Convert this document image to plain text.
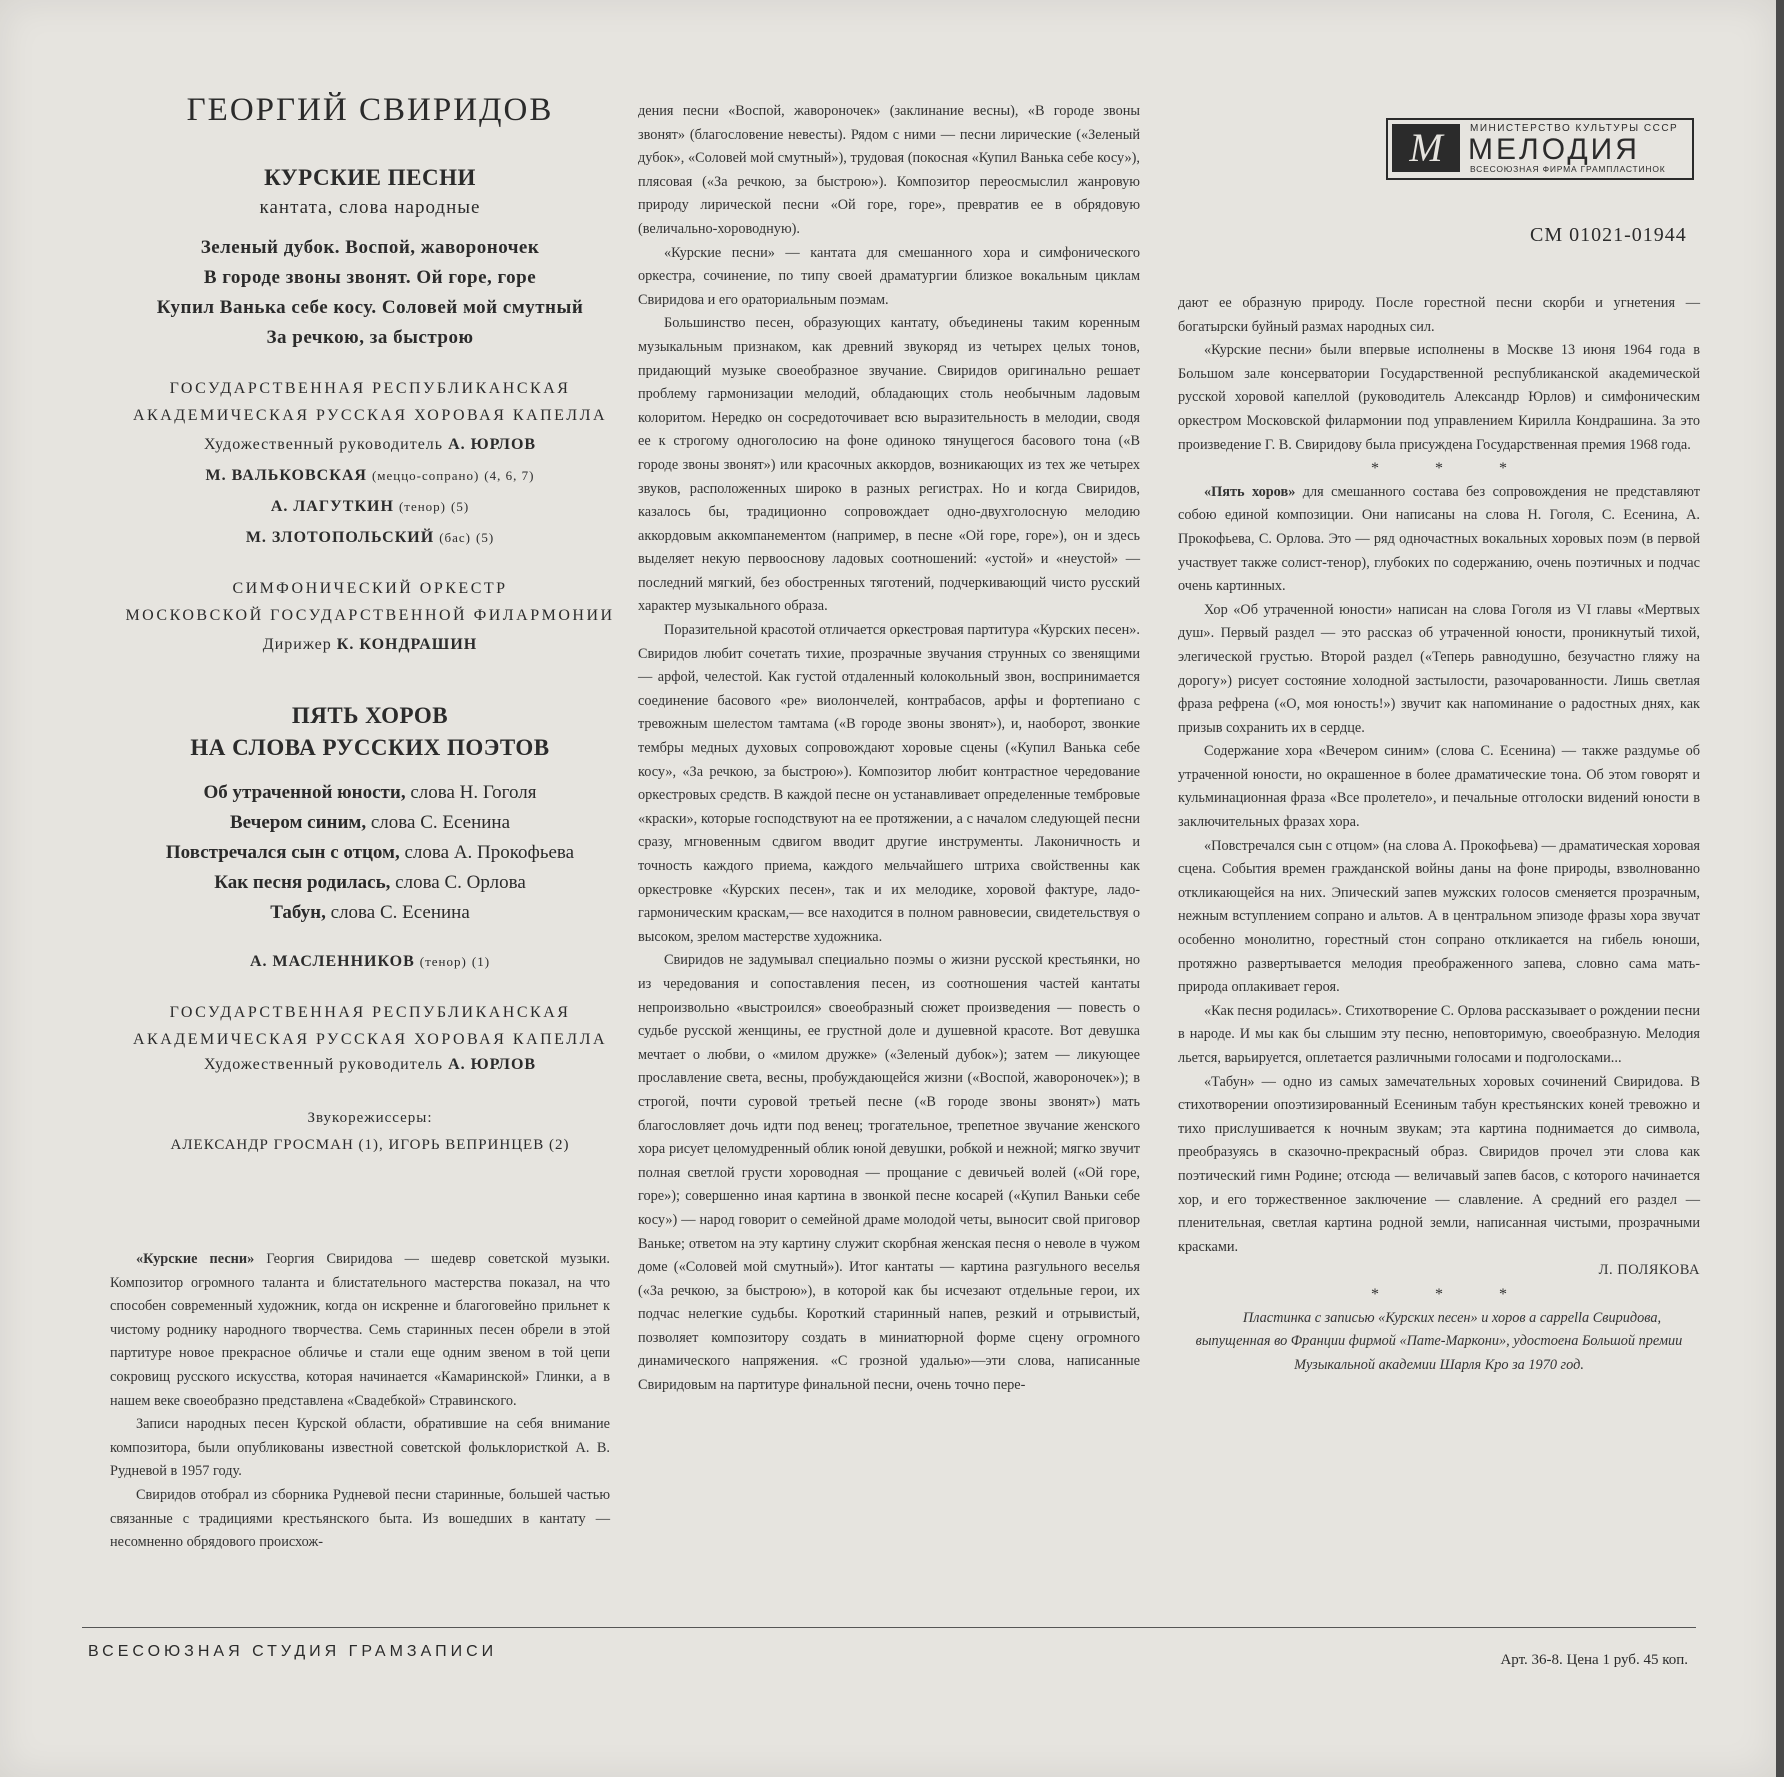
ГЕОРГИЙ СВИРИДОВ
КУРСКИЕ ПЕСНИ
кантата, слова народные
Зеленый дубок. Воспой, жавороночек
В городе звоны звонят. Ой горе, горе
Купил Ванька себе косу. Соловей мой смутный
За речкою, за быстрою
ГОСУДАРСТВЕННАЯ РЕСПУБЛИКАНСКАЯ
АКАДЕМИЧЕСКАЯ РУССКАЯ ХОРОВАЯ КАПЕЛЛА
Художественный руководитель А. ЮРЛОВ
М. ВАЛЬКОВСКАЯ (меццо-сопрано) (4, 6, 7)
А. ЛАГУТКИН (тенор) (5)
М. ЗЛОТОПОЛЬСКИЙ (бас) (5)
СИМФОНИЧЕСКИЙ ОРКЕСТР
МОСКОВСКОЙ ГОСУДАРСТВЕННОЙ ФИЛАРМОНИИ
Дирижер К. КОНДРАШИН
ПЯТЬ ХОРОВ
НА СЛОВА РУССКИХ ПОЭТОВ
Об утраченной юности, слова Н. Гоголя
Вечером синим, слова С. Есенина
Повстречался сын с отцом, слова А. Прокофьева
Как песня родилась, слова С. Орлова
Табун, слова С. Есенина
А. МАСЛЕННИКОВ (тенор) (1)
ГОСУДАРСТВЕННАЯ РЕСПУБЛИКАНСКАЯ
АКАДЕМИЧЕСКАЯ РУССКАЯ ХОРОВАЯ КАПЕЛЛА
Художественный руководитель А. ЮРЛОВ
Звукорежиссеры:
АЛЕКСАНДР ГРОСМАН (1), ИГОРЬ ВЕПРИНЦЕВ (2)

«Курские песни» Георгия Свиридова — шедевр советской музыки. Композитор огромного таланта и блистательного мастерства показал, на что способен современный художник, когда он искренне и благоговейно прильнет к чистому роднику народного творчества. Семь старинных песен обрели в этой партитуре новое прекрасное обличье и стали еще одним звеном в той цепи сокровищ русского искусства, которая начинается «Камаринской» Глинки, а в нашем веке своеобразно представлена «Свадебкой» Стравинского.

Записи народных песен Курской области, обратившие на себя внимание композитора, были опубликованы известной советской фольклористкой А. В. Рудневой в 1957 году.

Свиридов отобрал из сборника Рудневой песни старинные, большей частью связанные с традициями крестьянского быта. Из вошедших в кантату — несомненно обрядового происхож-

дения песни «Воспой, жавороночек» (заклинание весны), «В городе звоны звонят» (благословение невесты). Рядом с ними — песни лирические («Зеленый дубок», «Соловей мой смутный»), трудовая (покосная «Купил Ванька себе косу»), плясовая («За речкою, за быстрою»). Композитор переосмыслил жанровую природу лирической песни «Ой горе, горе», превратив ее в обрядовую (величально-хороводную).

«Курские песни» — кантата для смешанного хора и симфонического оркестра, сочинение, по типу своей драматургии близкое вокальным циклам Свиридова и его ораториальным поэмам.

Большинство песен, образующих кантату, объединены таким коренным музыкальным признаком, как древний звукоряд из четырех целых тонов, придающий музыке своеобразное звучание. Свиридов оригинально решает проблему гармонизации мелодий, обладающих столь необычным ладовым колоритом. Нередко он сосредоточивает всю выразительность в мелодии, сводя ее к строгому одноголосию на фоне одиноко тянущегося басового тона («В городе звоны звонят») или красочных аккордов, возникающих из тех же четырех звуков, расположенных широко в разных регистрах. Но и когда Свиридов, казалось бы, традиционно сопровождает одно-двухголосную мелодию аккордовым аккомпанементом (например, в песне «Ой горе, горе»), он и здесь выделяет некую первооснову ладовых соотношений: «устой» и «неустой» — последний мягкий, без обостренных тяготений, подчеркивающий чисто русский характер музыкального образа.

Поразительной красотой отличается оркестровая партитура «Курских песен». Свиридов любит сочетать тихие, прозрачные звучания струнных со звенящими — арфой, челестой. Как густой отдаленный колокольный звон, воспринимается соединение басового «ре» виолончелей, контрабасов, арфы и фортепиано с тревожным шелестом тамтама («В городе звоны звонят»), и, наоборот, звонкие тембры медных духовых сопровождают хоровые сцены («Купил Ванька себе косу», «За речкою, за быстрою»). Композитор любит контрастное чередование оркестровых средств. В каждой песне он устанавливает определенные тембровые «краски», которые господствуют на ее протяжении, а с началом следующей песни сразу, мгновенным сдвигом вводит другие инструменты. Лаконичность и точность каждого приема, каждого мельчайшего штриха свойственны как оркестровке «Курских песен», так и их мелодике, хоровой фактуре, ладо-гармоническим краскам,— все находится в полном равновесии, свидетельствуя о высоком, зрелом мастерстве художника.

Свиридов не задумывал специально поэмы о жизни русской крестьянки, но из чередования и сопоставления песен, из соотношения частей кантаты непроизвольно «выстроился» своеобразный сюжет произведения — повесть о судьбе русской женщины, ее грустной доле и душевной красоте. Вот девушка мечтает о любви, о «милом дружке» («Зеленый дубок»); затем — ликующее прославление света, весны, пробуждающейся жизни («Воспой, жавороночек»); в строгой, почти суровой третьей песне («В городе звоны звонят») мать благословляет дочь идти под венец; трогательное, трепетное звучание женского хора рисует целомудренный облик юной девушки, робкой и нежной; мягко звучит полная светлой грусти хороводная — прощание с девичьей волей («Ой горе, горе»); совершенно иная картина в звонкой песне косарей («Купил Ваньки себе косу») — народ говорит о семейной драме молодой четы, выносит свой приговор Ваньке; ответом на эту картину служит скорбная женская песня о неволе в чужом доме («Соловей мой смутный»). Итог кантаты — картина разгульного веселья («За речкою, за быстрою»), в которой как бы исчезают отдельные герои, их подчас нелегкие судьбы. Короткий старинный напев, резкий и отрывистый, позволяет композитору создать в миниатюрной форме сцену огромного динамического напряжения. «С грозной удалью»—эти слова, написанные Свиридовым на партитуре финальной песни, очень точно пере-

М	МИНИСТЕРСТВО КУЛЬТУРЫ СССР
МЕЛОДИЯ
ВСЕСОЮЗНАЯ ФИРМА ГРАМПЛАСТИНОК
СМ 01021-01944

дают ее образную природу. После горестной песни скорби и угнетения — богатырски буйный размах народных сил.

«Курские песни» были впервые исполнены в Москве 13 июня 1964 года в Большом зале консерватории Государственной республиканской академической русской хоровой капеллой (руководитель Александр Юрлов) и симфоническим оркестром Московской филармонии под управлением Кирилла Кондрашина. За это произведение Г. В. Свиридову была присуждена Государственная премия 1968 года.

* * *

«Пять хоров» для смешанного состава без сопровождения не представляют собою единой композиции. Они написаны на слова Н. Гоголя, С. Есенина, А. Прокофьева, С. Орлова. Это — ряд одночастных вокальных хоровых поэм (в первой участвует также солист-тенор), глубоких по содержанию, очень поэтичных и подчас очень картинных.

Хор «Об утраченной юности» написан на слова Гоголя из VI главы «Мертвых душ». Первый раздел — это рассказ об утраченной юности, проникнутый тихой, элегической грустью. Второй раздел («Теперь равнодушно, безучастно гляжу на дорогу») рисует состояние холодной застылости, разочарованности. Лишь светлая фраза рефрена («О, моя юность!») звучит как напоминание о радостных днях, как призыв сохранить их в сердце.

Содержание хора «Вечером синим» (слова С. Есенина) — также раздумье об утраченной юности, но окрашенное в более драматические тона. Об этом говорят и кульминационная фраза «Все пролетело», и печальные отголоски видений юности в заключительных фразах хора.

«Повстречался сын с отцом» (на слова А. Прокофьева) — драматическая хоровая сцена. События времен гражданской войны даны на фоне природы, взволнованно откликающейся на них. Эпический запев мужских голосов сменяется прозрачным, нежным вступлением сопрано и альтов. А в центральном эпизоде фразы хора звучат особенно монолитно, горестный стон сопрано откликается на гибель юноши, протяжно развертывается мелодия преображенного запева, словно сама мать-природа оплакивает героя.

«Как песня родилась». Стихотворение С. Орлова рассказывает о рождении песни в народе. И мы как бы слышим эту песню, неповторимую, своеобразную. Мелодия льется, варьируется, оплетается различными голосами и подголосками...

«Табун» — одно из самых замечательных хоровых сочинений Свиридова. В стихотворении опоэтизированный Есениным табун крестьянских коней тревожно и тихо прислушивается к ночным звукам; эта картина поднимается до символа, преобразуясь в сказочно-прекрасный образ. Свиридов прочел эти слова как поэтический гимн Родине; отсюда — величавый запев басов, с которого начинается хор, и его торжественное заключение — славление. А средний его раздел — пленительная, светлая картина родной земли, написанная чистыми, прозрачными красками.

Л. ПОЛЯКОВА

* * *

Пластинка с записью «Курских песен» и хоров a cappella Свиридова, выпущенная во Франции фирмой «Пате-Маркони», удостоена Большой премии Музыкальной академии Шарля Кро за 1970 год.

ВСЕСОЮЗНАЯ СТУДИЯ ГРАМЗАПИСИ	Арт. 36-8. Цена 1 руб. 45 коп.
